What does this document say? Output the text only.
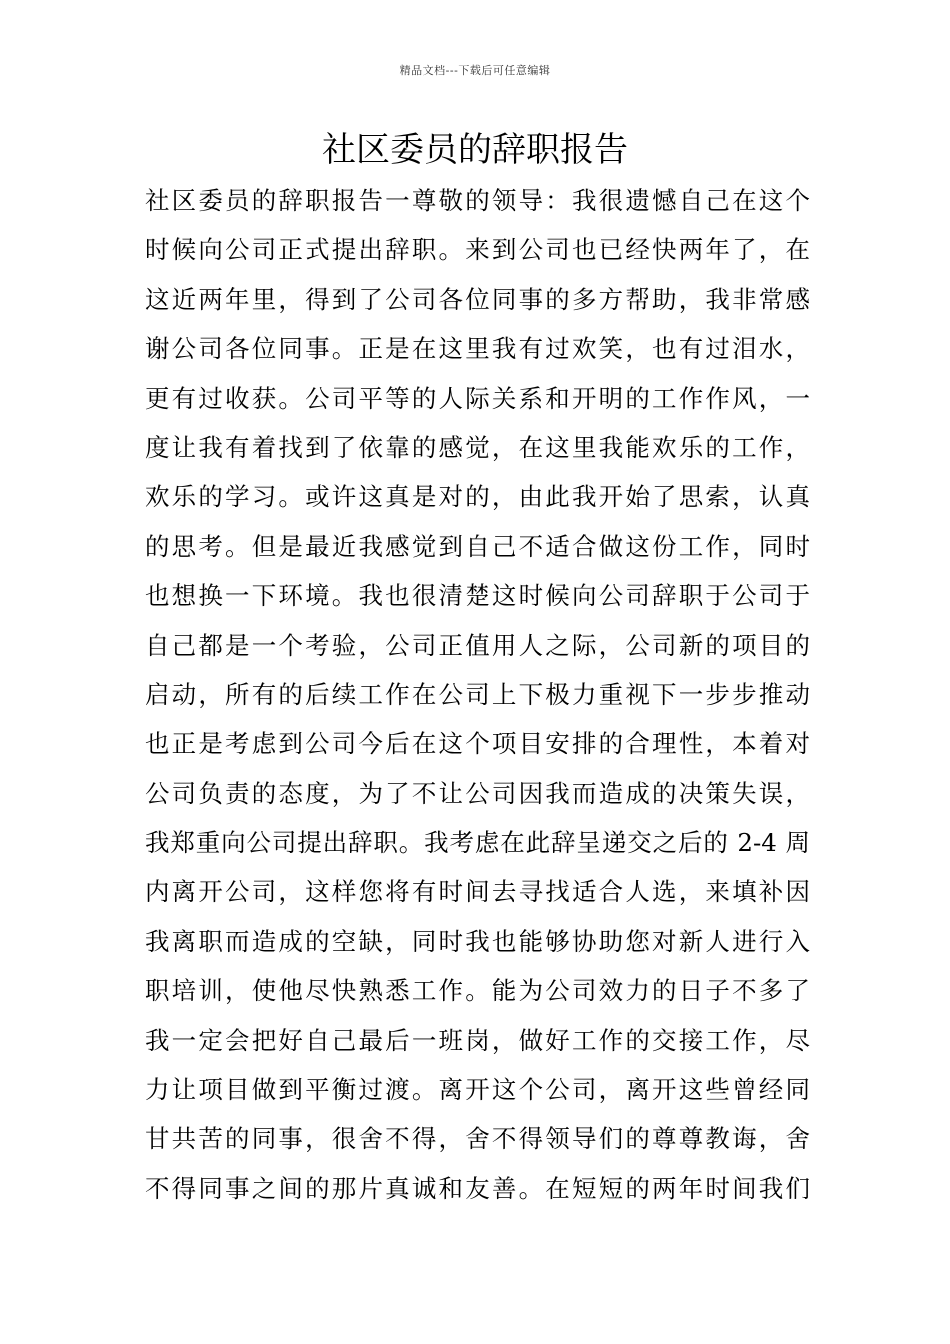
精品文档---下载后可任意编辑
社区委员的辞职报告
社区委员的辞职报告一尊敬的领导：我很遗憾自己在这个
时候向公司正式提出辞职。来到公司也已经快两年了，在
这近两年里，得到了公司各位同事的多方帮助，我非常感
谢公司各位同事。正是在这里我有过欢笑，也有过泪水，
更有过收获。公司平等的人际关系和开明的工作作风，一
度让我有着找到了依靠的感觉，在这里我能欢乐的工作，
欢乐的学习。或许这真是对的，由此我开始了思索，认真
的思考。但是最近我感觉到自己不适合做这份工作，同时
也想换一下环境。我也很清楚这时候向公司辞职于公司于
自己都是一个考验，公司正值用人之际，公司新的项目的
启动，所有的后续工作在公司上下极力重视下一步步推动
也正是考虑到公司今后在这个项目安排的合理性，本着对
公司负责的态度，为了不让公司因我而造成的决策失误，
我郑重向公司提出辞职。我考虑在此辞呈递交之后的 2-4 周
内离开公司，这样您将有时间去寻找适合人选，来填补因
我离职而造成的空缺，同时我也能够协助您对新人进行入
职培训，使他尽快熟悉工作。能为公司效力的日子不多了
我一定会把好自己最后一班岗，做好工作的交接工作，尽
力让项目做到平衡过渡。离开这个公司，离开这些曾经同
甘共苦的同事，很舍不得，舍不得领导们的尊尊教诲，舍
不得同事之间的那片真诚和友善。在短短的两年时间我们
